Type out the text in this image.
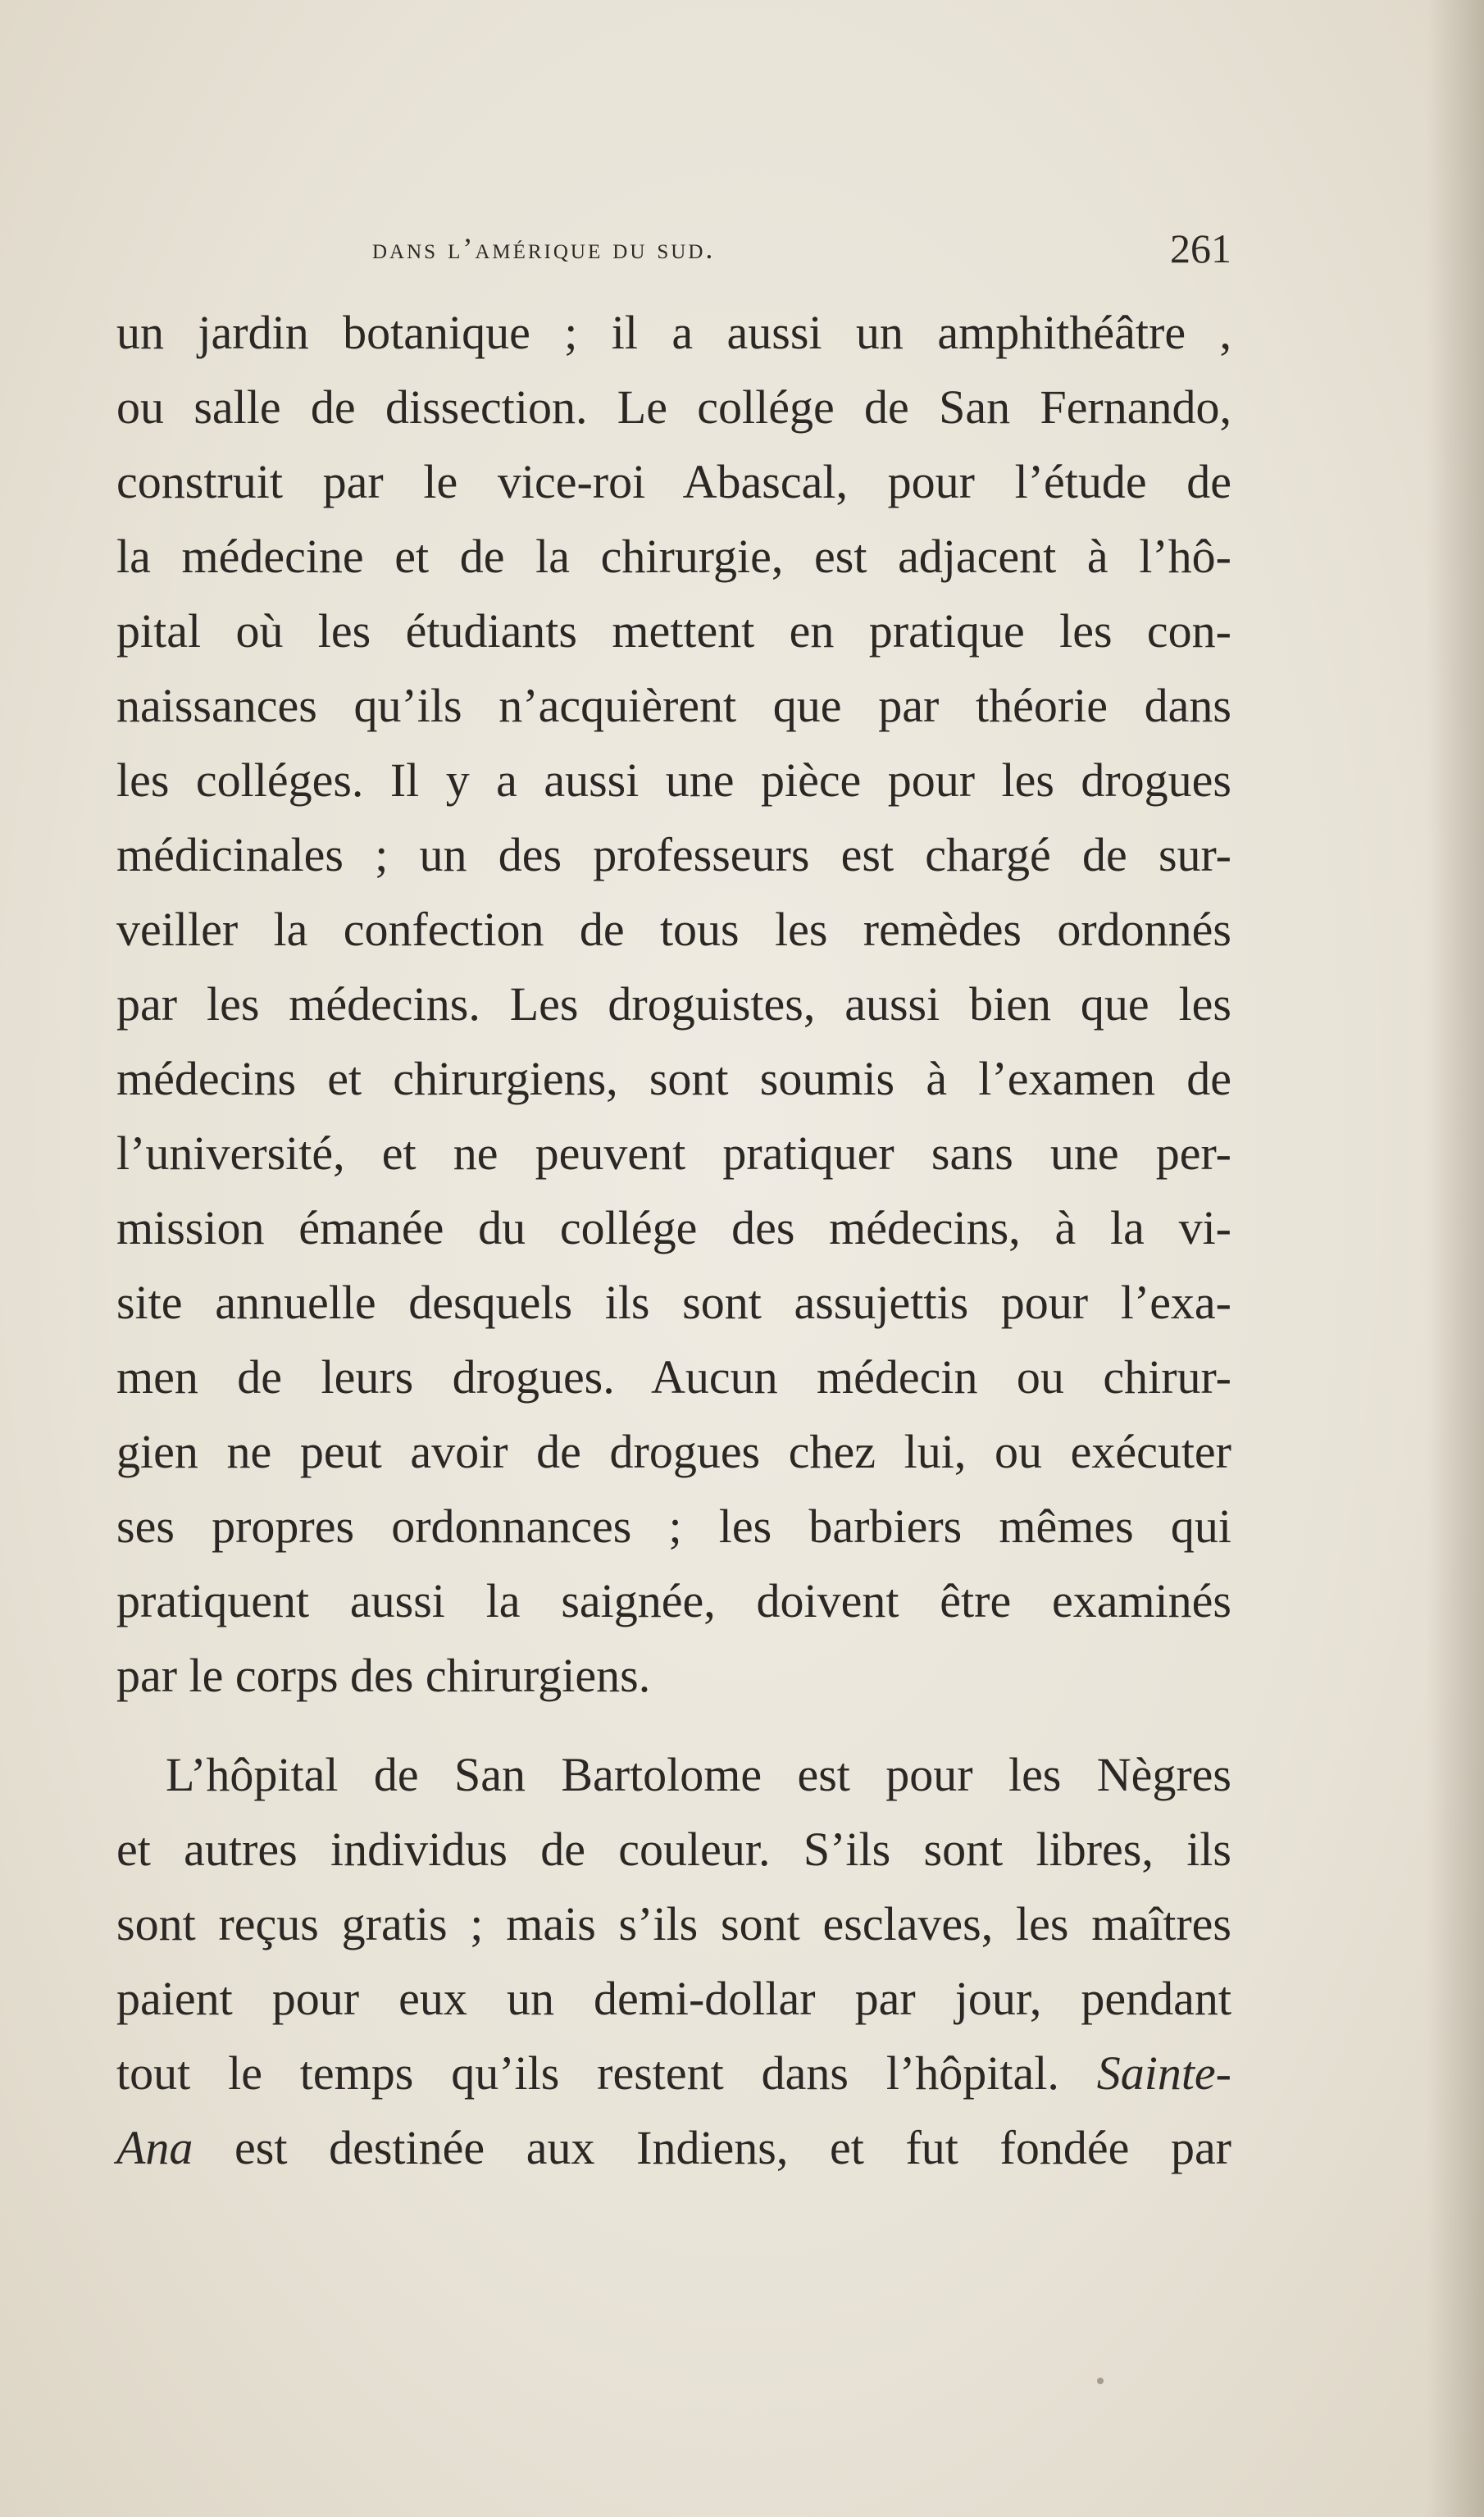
dans l’amérique du sud.	261
un jardin botanique ; il a aussi un amphithéâtre ,
ou salle de dissection. Le collége de San Fernando,
construit par le vice-roi Abascal, pour l’étude de
la médecine et de la chirurgie, est adjacent à l’hô-
pital où les étudiants mettent en pratique les con-
naissances qu’ils n’acquièrent que par théorie dans
les colléges. Il y a aussi une pièce pour les drogues
médicinales ; un des professeurs est chargé de sur-
veiller la confection de tous les remèdes ordonnés
par les médecins. Les droguistes, aussi bien que les
médecins et chirurgiens, sont soumis à l’examen de
l’université, et ne peuvent pratiquer sans une per-
mission émanée du collége des médecins, à la vi-
site annuelle desquels ils sont assujettis pour l’exa-
men de leurs drogues. Aucun médecin ou chirur-
gien ne peut avoir de drogues chez lui, ou exécuter
ses propres ordonnances ; les barbiers mêmes qui
pratiquent aussi la saignée, doivent être examinés
par le corps des chirurgiens.
L’hôpital de San Bartolome est pour les Nègres
et autres individus de couleur. S’ils sont libres, ils
sont reçus gratis ; mais s’ils sont esclaves, les maîtres
paient pour eux un demi-dollar par jour, pendant
tout le temps qu’ils restent dans l’hôpital. Sainte-
Ana est destinée aux Indiens, et fut fondée par
